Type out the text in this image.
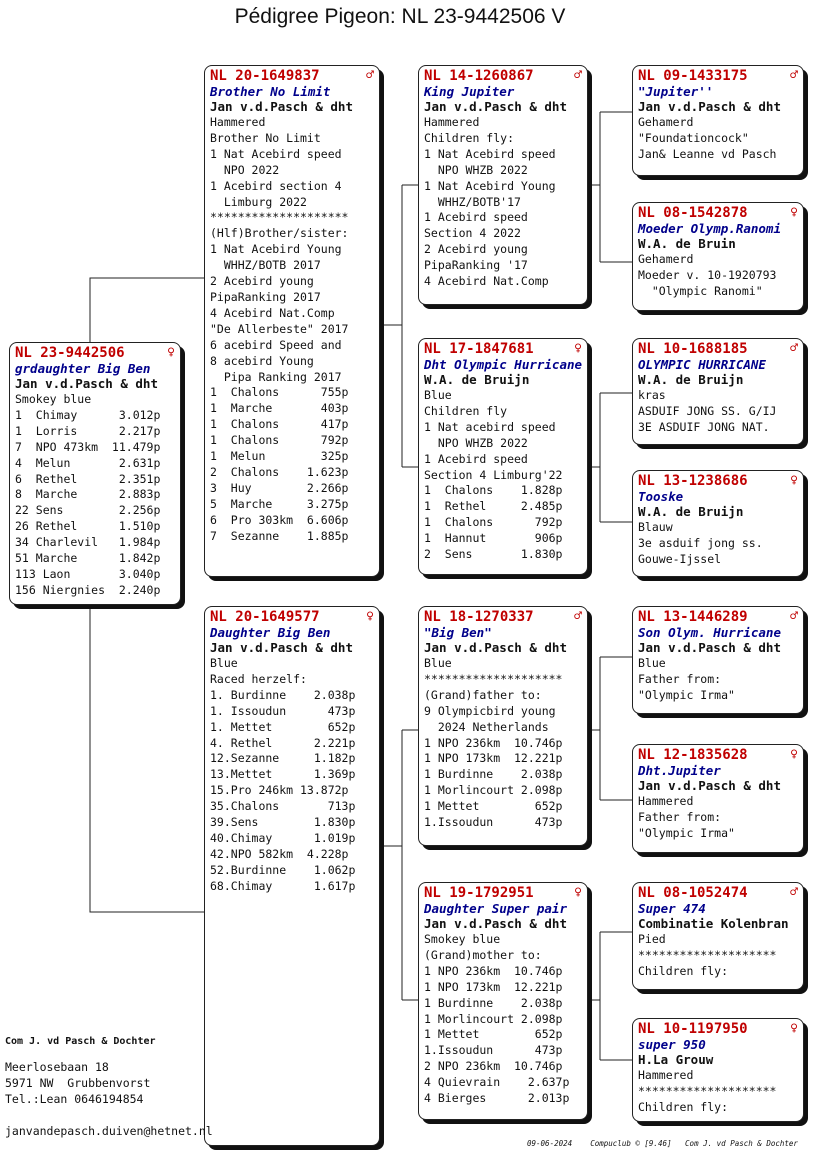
Pédigree Pigeon: NL 23-9442506 V
NL 23-9442506	♀
grdaughter Big Ben
Jan v.d.Pasch & dht
Smokey blue
1  Chimay      3.012p
1  Lorris      2.217p
7  NPO 473km  11.479p
4  Melun       2.631p
6  Rethel      2.351p
8  Marche      2.883p
22 Sens        2.256p
26 Rethel      1.510p
34 Charlevil   1.984p
51 Marche      1.842p
113 Laon       3.040p
156 Niergnies  2.240p
NL 20-1649837	♂
Brother No Limit
Jan v.d.Pasch & dht
Hammered
Brother No Limit
1 Nat Acebird speed
NPO 2022
1 Acebird section 4
Limburg 2022
********************
(Hlf)Brother/sister:
1 Nat Acebird Young
WHHZ/BOTB 2017
2 Acebird young
PipaRanking 2017
4 Acebird Nat.Comp
"De Allerbeste" 2017
6 acebird Speed and
8 acebird Young
Pipa Ranking 2017
1  Chalons      755p
1  Marche       403p
1  Chalons      417p
1  Chalons      792p
1  Melun        325p
2  Chalons    1.623p
3  Huy        2.266p
5  Marche     3.275p
6  Pro 303km  6.606p
7  Sezanne    1.885p
NL 20-1649577	♀
Daughter Big Ben
Jan v.d.Pasch & dht
Blue
Raced herzelf:
1. Burdinne    2.038p
1. Issoudun      473p
1. Mettet        652p
4. Rethel      2.221p
12.Sezanne     1.182p
13.Mettet      1.369p
15.Pro 246km 13.872p
35.Chalons       713p
39.Sens        1.830p
40.Chimay      1.019p
42.NPO 582km  4.228p
52.Burdinne    1.062p
68.Chimay      1.617p
NL 14-1260867	♂
King Jupiter
Jan v.d.Pasch & dht
Hammered
Children fly:
1 Nat Acebird speed
NPO WHZB 2022
1 Nat Acebird Young
WHHZ/BOTB'17
1 Acebird speed
Section 4 2022
2 Acebird young
PipaRanking '17
4 Acebird Nat.Comp
NL 17-1847681	♀
Dht Olympic Hurricane
W.A. de Bruijn
Blue
Children fly
1 Nat acebird speed
NPO WHZB 2022
1 Acebird speed
Section 4 Limburg'22
1  Chalons    1.828p
1  Rethel     2.485p
1  Chalons      792p
1  Hannut       906p
2  Sens       1.830p
NL 18-1270337	♂
"Big Ben"
Jan v.d.Pasch & dht
Blue
********************
(Grand)father to:
9 Olympicbird young
2024 Netherlands
1 NPO 236km  10.746p
1 NPO 173km  12.221p
1 Burdinne    2.038p
1 Morlincourt 2.098p
1 Mettet        652p
1.Issoudun      473p
NL 19-1792951	♀
Daughter Super pair
Jan v.d.Pasch & dht
Smokey blue
(Grand)mother to:
1 NPO 236km  10.746p
1 NPO 173km  12.221p
1 Burdinne    2.038p
1 Morlincourt 2.098p
1 Mettet        652p
1.Issoudun      473p
2 NPO 236km  10.746p
4 Quievrain    2.637p
4 Bierges      2.013p
NL 09-1433175	♂
"Jupiter''
Jan v.d.Pasch & dht
Gehamerd
"Foundationcock"
Jan& Leanne vd Pasch
NL 08-1542878	♀
Moeder Olymp.Ranomi
W.A. de Bruin
Gehamerd
Moeder v. 10-1920793
"Olympic Ranomi"
NL 10-1688185	♂
OLYMPIC HURRICANE
W.A. de Bruijn
kras
ASDUIF JONG SS. G/IJ
3E ASDUIF JONG NAT.
NL 13-1238686	♀
Tooske
W.A. de Bruijn
Blauw
3e asduif jong ss.
Gouwe-Ijssel
NL 13-1446289	♂
Son Olym. Hurricane
Jan v.d.Pasch & dht
Blue
Father from:
"Olympic Irma"
NL 12-1835628	♀
Dht.Jupiter
Jan v.d.Pasch & dht
Hammered
Father from:
"Olympic Irma"
NL 08-1052474	♂
Super 474
Combinatie Kolenbran
Pied
********************
Children fly:
NL 10-1197950	♀
super 950
H.La Grouw
Hammered
********************
Children fly:
Com J. vd Pasch & Dochter
Meerlosebaan 18
5971 NW  Grubbenvorst
Tel.:Lean 0646194854
janvandepasch.duiven@hetnet.nl
09-06-2024 Compuclub © [9.46] Com J. vd Pasch & Dochter
